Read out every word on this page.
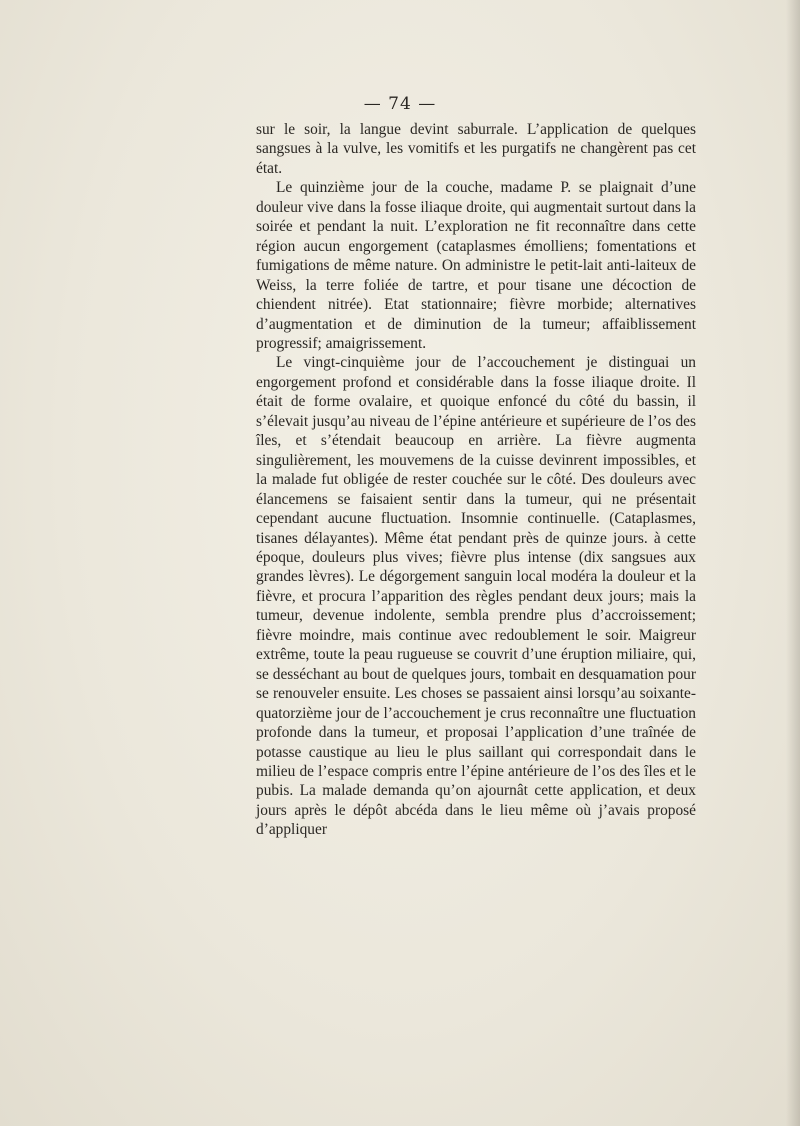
— 74 —

sur le soir, la langue devint saburrale. L’application de quelques sangsues à la vulve, les vomitifs et les purgatifs ne changèrent pas cet état.

Le quinzième jour de la couche, madame P. se plaignait d’une douleur vive dans la fosse iliaque droite, qui augmentait surtout dans la soirée et pendant la nuit. L’exploration ne fit reconnaître dans cette région aucun engorgement (cataplasmes émolliens; fomentations et fumigations de même nature. On administre le petit-lait anti-laiteux de Weiss, la terre foliée de tartre, et pour tisane une décoction de chiendent nitrée). Etat stationnaire; fièvre morbide; alternatives d’augmentation et de diminution de la tumeur; affaiblissement progressif; amaigrissement.

Le vingt-cinquième jour de l’accouchement je distinguai un engorgement profond et considérable dans la fosse iliaque droite. Il était de forme ovalaire, et quoique enfoncé du côté du bassin, il s’élevait jusqu’au niveau de l’épine antérieure et supérieure de l’os des îles, et s’étendait beaucoup en arrière. La fièvre augmenta singulièrement, les mouvemens de la cuisse devinrent impossibles, et la malade fut obligée de rester couchée sur le côté. Des douleurs avec élancemens se faisaient sentir dans la tumeur, qui ne présentait cependant aucune fluctuation. Insomnie continuelle. (Cataplasmes, tisanes délayantes). Même état pendant près de quinze jours. à cette époque, douleurs plus vives; fièvre plus intense (dix sangsues aux grandes lèvres). Le dégorgement sanguin local modéra la douleur et la fièvre, et procura l’apparition des règles pendant deux jours; mais la tumeur, devenue indolente, sembla prendre plus d’accroissement; fièvre moindre, mais continue avec redoublement le soir. Maigreur extrême, toute la peau rugueuse se couvrit d’une éruption miliaire, qui, se desséchant au bout de quelques jours, tombait en desquamation pour se renouveler ensuite. Les choses se passaient ainsi lorsqu’au soixante-quatorzième jour de l’accouchement je crus reconnaître une fluctuation profonde dans la tumeur, et proposai l’application d’une traînée de potasse caustique au lieu le plus saillant qui correspondait dans le milieu de l’espace compris entre l’épine antérieure de l’os des îles et le pubis. La malade demanda qu’on ajournât cette application, et deux jours après le dépôt abcéda dans le lieu même où j’avais proposé d’appliquer
